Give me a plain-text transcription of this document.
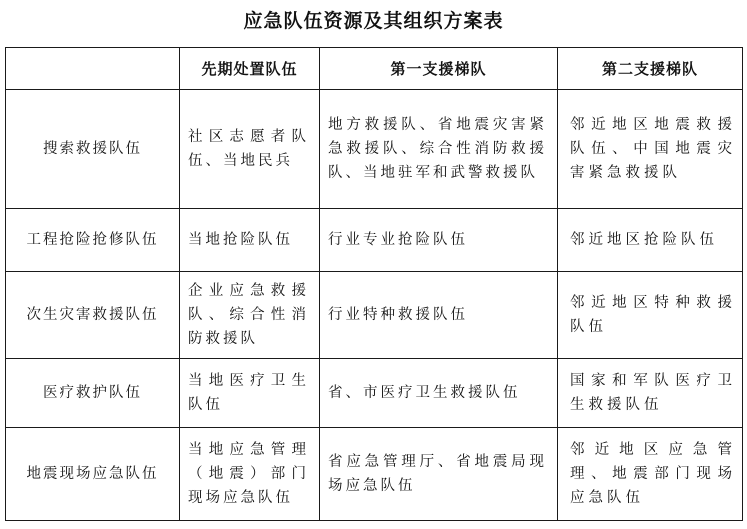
应急队伍资源及其组织方案表
	先期处置队伍	第一支援梯队	第二支援梯队
搜索救援队伍	社区志愿者队伍、当地民兵	地方救援队、省地震灾害紧急救援队、综合性消防救援队、当地驻军和武警救援队	邻近地区地震救援队伍、中国地震灾害紧急救援队
工程抢险抢修队伍	当地抢险队伍	行业专业抢险队伍	邻近地区抢险队伍
次生灾害救援队伍	企业应急救援队、综合性消防救援队	行业特种救援队伍	邻近地区特种救援队伍
医疗救护队伍	当地医疗卫生队伍	省、市医疗卫生救援队伍	国家和军队医疗卫生救援队伍
地震现场应急队伍	当地应急管理（地震）部门现场应急队伍	省应急管理厅、省地震局现场应急队伍	邻近地区应急管理、地震部门现场应急队伍
